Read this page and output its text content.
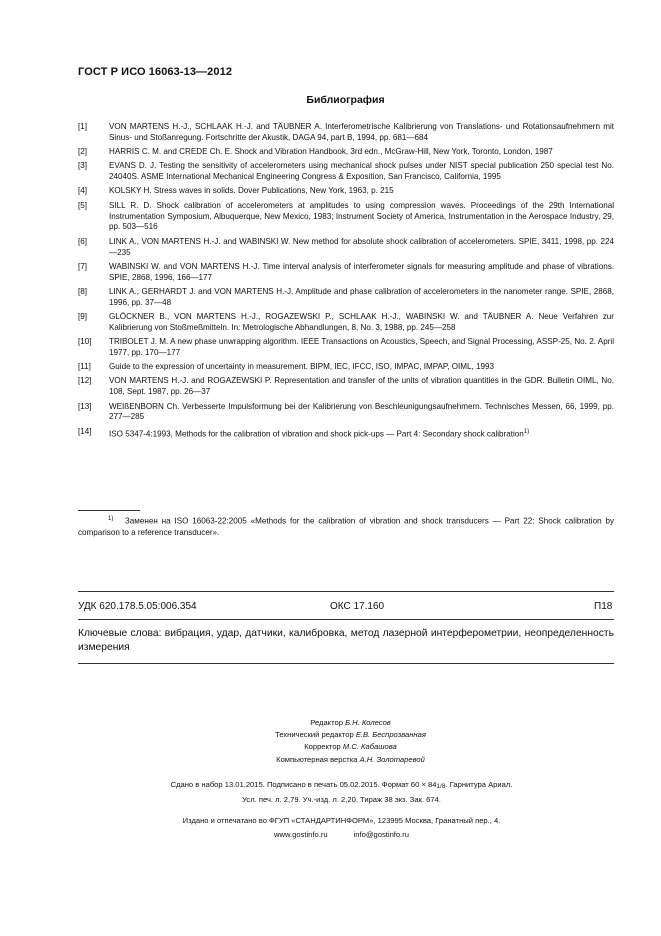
ГОСТ Р ИСО 16063-13—2012
Библиография
[1]	VON MARTENS H.-J., SCHLAAK H.-J. and TÄUBNER A. Interferometrische Kalibrierung von Translations- und Rotationsaufnehmern mit Sinus- und Stoßanregung. Fortschritte der Akustik, DAGA 94, part B, 1994, pp. 681—684
[2]	HARRIS C. M. and CREDE Ch. E. Shock and Vibration Handbook, 3rd edn., McGraw-Hill, New York, Toronto, London, 1987
[3]	EVANS D. J. Testing the sensitivity of accelerometers using mechanical shock pulses under NIST special publication 250 special test No. 24040S. ASME International Mechanical Engineering Congress & Exposition, San Francisco, California, 1995
[4]	KOLSKY H. Stress waves in solids. Dover Publications, New York, 1963, p. 215
[5]	SILL R. D. Shock calibration of accelerometers at amplitudes to using compression waves. Proceedings of the 29th International Instrumentation Symposium, Albuquerque, New Mexico, 1983; Instrument Society of America, Instrumentation in the Aerospace Industry, 29, pp. 503—516
[6]	LINK A., VON MARTENS H.-J. and WABINSKI W. New method for absolute shock calibration of accelerometers. SPIE, 3411, 1998, pp. 224—235
[7]	WABINSKI W. and VON MARTENS H.-J. Time interval analysis of interferometer signals for measuring amplitude and phase of vibrations. SPIE, 2868, 1996, 166—177
[8]	LINK A., GERHARDT J. and VON MARTENS H.-J. Amplitude and phase calibration of accelerometers in the nanometer range. SPIE, 2868, 1996, pp. 37—48
[9]	GLÖCKNER B., VON MARTENS H.-J., ROGAZEWSKI P., SCHLAAK H.-J., WABINSKI W. and TÄUBNER A. Neue Verfahren zur Kalibrierung von Stoßmeßmitteln. In: Metrologische Abhandlungen, 8, No. 3, 1988, pp. 245—258
[10]	TRIBOLET J. M. A new phase unwrapping algorithm. IEEE Transactions on Acoustics, Speech, and Signal Processing, ASSP-25, No. 2. April 1977, pp. 170—177
[11]	Guide to the expression of uncertainty in measurement. BIPM, IEC, IFCC, ISO, IMPAC, IMPAP, OIML, 1993
[12]	VON MARTENS H.-J. and ROGAZEWSKI P. Representation and transfer of the units of vibration quantities in the GDR. Bulletin OIML, No. 108, Sept. 1987, pp. 26—37
[13]	WEIßENBORN Ch. Verbesserte Impulsformung bei der Kalibrierung von Beschleunigungsaufnehmern. Technisches Messen, 66, 1999, pp. 277—285
[14]	ISO 5347-4:1993, Methods for the calibration of vibration and shock pick-ups — Part 4: Secondary shock calibration$^{1)}$
$^{1)}$ Заменен на ISO 16063-22:2005 «Methods for the calibration of vibration and shock transducers — Part 22: Shock calibration by comparison to a reference transducer».
УДК 620.178.5.05:006.354	ОКС 17.160	П18
Ключевые слова: вибрация, удар, датчики, калибровка, метод лазерной интерферометрии, неопределенность измерения
Редактор Б.Н. Колесов
Технический редактор Е.В. Беспрозванная
Корректор М.С. Кабашова
Компьютерная верстка А.Н. Золотаревой
Сдано в набор 13.01.2015. Подписано в печать 05.02.2015. Формат 60 × 841/8. Гарнитура Ариал.
Усл. печ. л. 2,79. Уч.-изд. л. 2,20. Тираж 38 экз. Зак. 674.
Издано и отпечатано во ФГУП «СТАНДАРТИНФОРМ», 123995 Москва, Гранатный пер., 4.
www.gostinfo.ru	info@gostinfo.ru
